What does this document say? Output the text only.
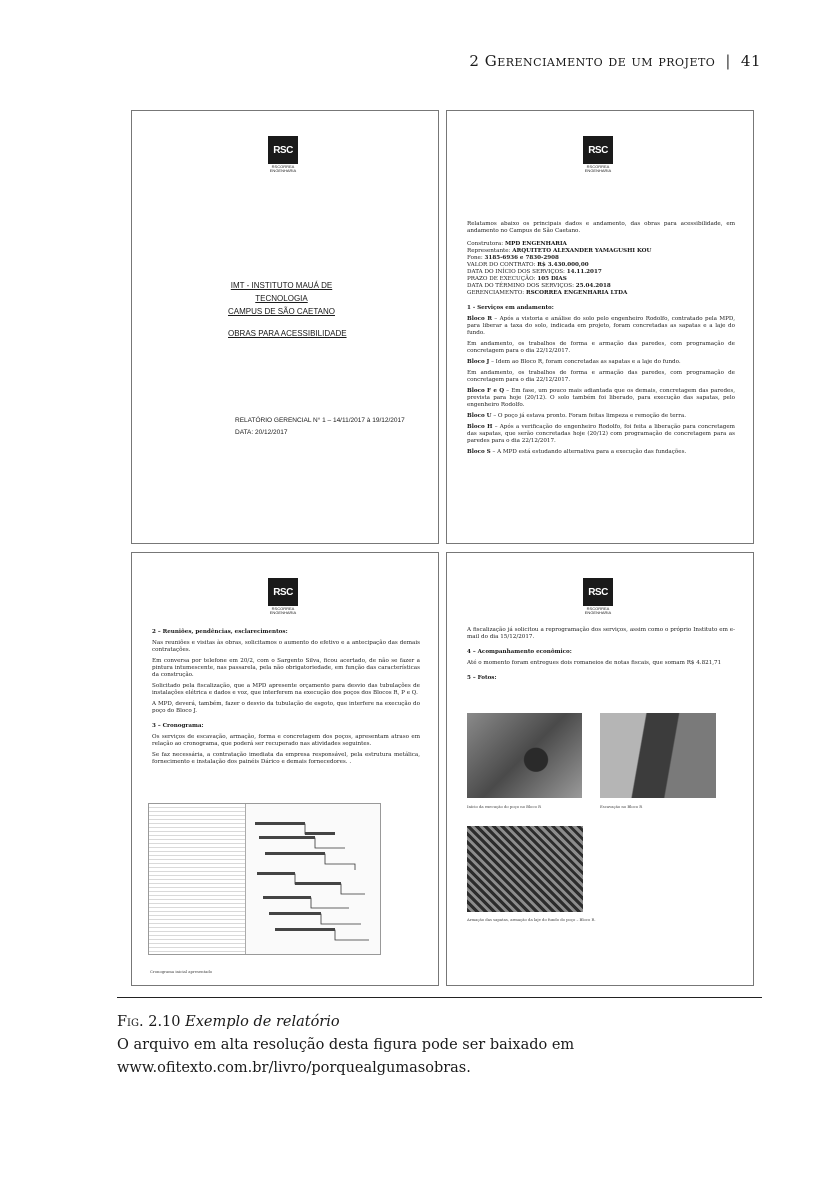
2 Gerenciamento de um projeto | 41
RSC
RSCORREA ENGENHARIA
IMT - INSTITUTO MAUÁ DE
TECNOLOGIA
CAMPUS DE SÃO CAETANO
OBRAS PARA ACESSIBILIDADE
RELATÓRIO GERENCIAL N° 1 – 14/11/2017 à 19/12/2017
DATA: 20/12/2017
RSC
RSCORREA ENGENHARIA

Relatamos abaixo os principais dados e andamento, das obras para acessibilidade, em andamento no Campus de São Caetano.

Construtora: MPD ENGENHARIA
Representante: ARQUITETO ALEXANDER YAMAGUSHI KOU
Fone: 3185-6936 e 7830-2908
VALOR DO CONTRATO: R$ 3.430.000,00
DATA DO INÍCIO DOS SERVIÇOS: 14.11.2017
PRAZO DE EXECUÇÃO: 105 DIAS
DATA DO TÉRMINO DOS SERVIÇOS: 25.04.2018
GERENCIAMENTO: RSCORREA ENGENHARIA LTDA

1 - Serviços em andamento:

Bloco R – Após a vistoria e análise do solo pelo engenheiro Rodolfo, contratado pela MPD, para liberar a taxa do solo, indicada em projeto, foram concretadas as sapatas e a laje do fundo.

Em andamento, os trabalhos de forma e armação das paredes, com programação de concretagem para o dia 22/12/2017.

Bloco J – Idem ao Bloco R, foram concretadas as sapatas e a laje do fundo.

Em andamento, os trabalhos de forma e armação das paredes, com programação de concretagem para o dia 22/12/2017.

Bloco F e Q – Em fase, um pouco mais adiantada que os demais, concretagem das paredes, prevista para hoje (20/12). O solo também foi liberado, para execução das sapatas, pelo engenheiro Rodolfo.

Bloco U – O poço já estava pronto. Foram feitas limpeza e remoção de terra.

Bloco H – Após a verificação do engenheiro Rodolfo, foi feita a liberação para concretagem das sapatas, que serão concretadas hoje (20/12) com programação de concretagem para as paredes para o dia 22/12/2017.

Bloco S – A MPD está estudando alternativa para a execução das fundações.

RSC
RSCORREA ENGENHARIA

2 – Reuniões, pendências, esclarecimentos:

Nas reuniões e visitas às obras, solicitamos o aumento do efetivo e a antecipação das demais contratações.

Em conversa por telefone em 20/2, com o Sargento Silva, ficou acertado, de não se fazer a pintura intumescente, nas passarela, pela não obrigatoriedade, em função das características da construção.

Solicitado pela fiscalização, que a MPD apresente orçamento para desvio das tubulações de instalações elétrica e dados e voz, que interferem na execução dos poços dos Blocos R, P e Q.

A MPD, deverá, também, fazer o desvio da tubulação de esgoto, que interfere na execução do poço do Bloco J.

3 – Cronograma:

Os serviços de escavação, armação, forma e concretagem dos poços, apresentam atraso em relação ao cronograma, que poderá ser recuperado nas atividades seguintes.

Se faz necessária, a contratação imediata da empresa responsável, pela estrutura metálica, fornecimento e instalação dos painéis Dárico e demais fornecedores. .

Cronograma inicial apresentado
RSC
RSCORREA ENGENHARIA

A fiscalização já solicitou a reprogramação dos serviços, assim como o próprio Instituto em e-mail do dia 15/12/2017.

4 – Acompanhamento econômico:

Até o momento foram entregues dois romaneios de notas fiscais, que somam R$ 4.821,71

5 – Fotos:

Início da execução do poço no Bloco R	Escavação no Bloco R
Armação das sapatas, armação da laje do fundo do poço – Bloco R.
Fig. 2.10 Exemplo de relatório
O arquivo em alta resolução desta figura pode ser baixado em www.ofitexto.com.br/livro/porquealgumasobras.
